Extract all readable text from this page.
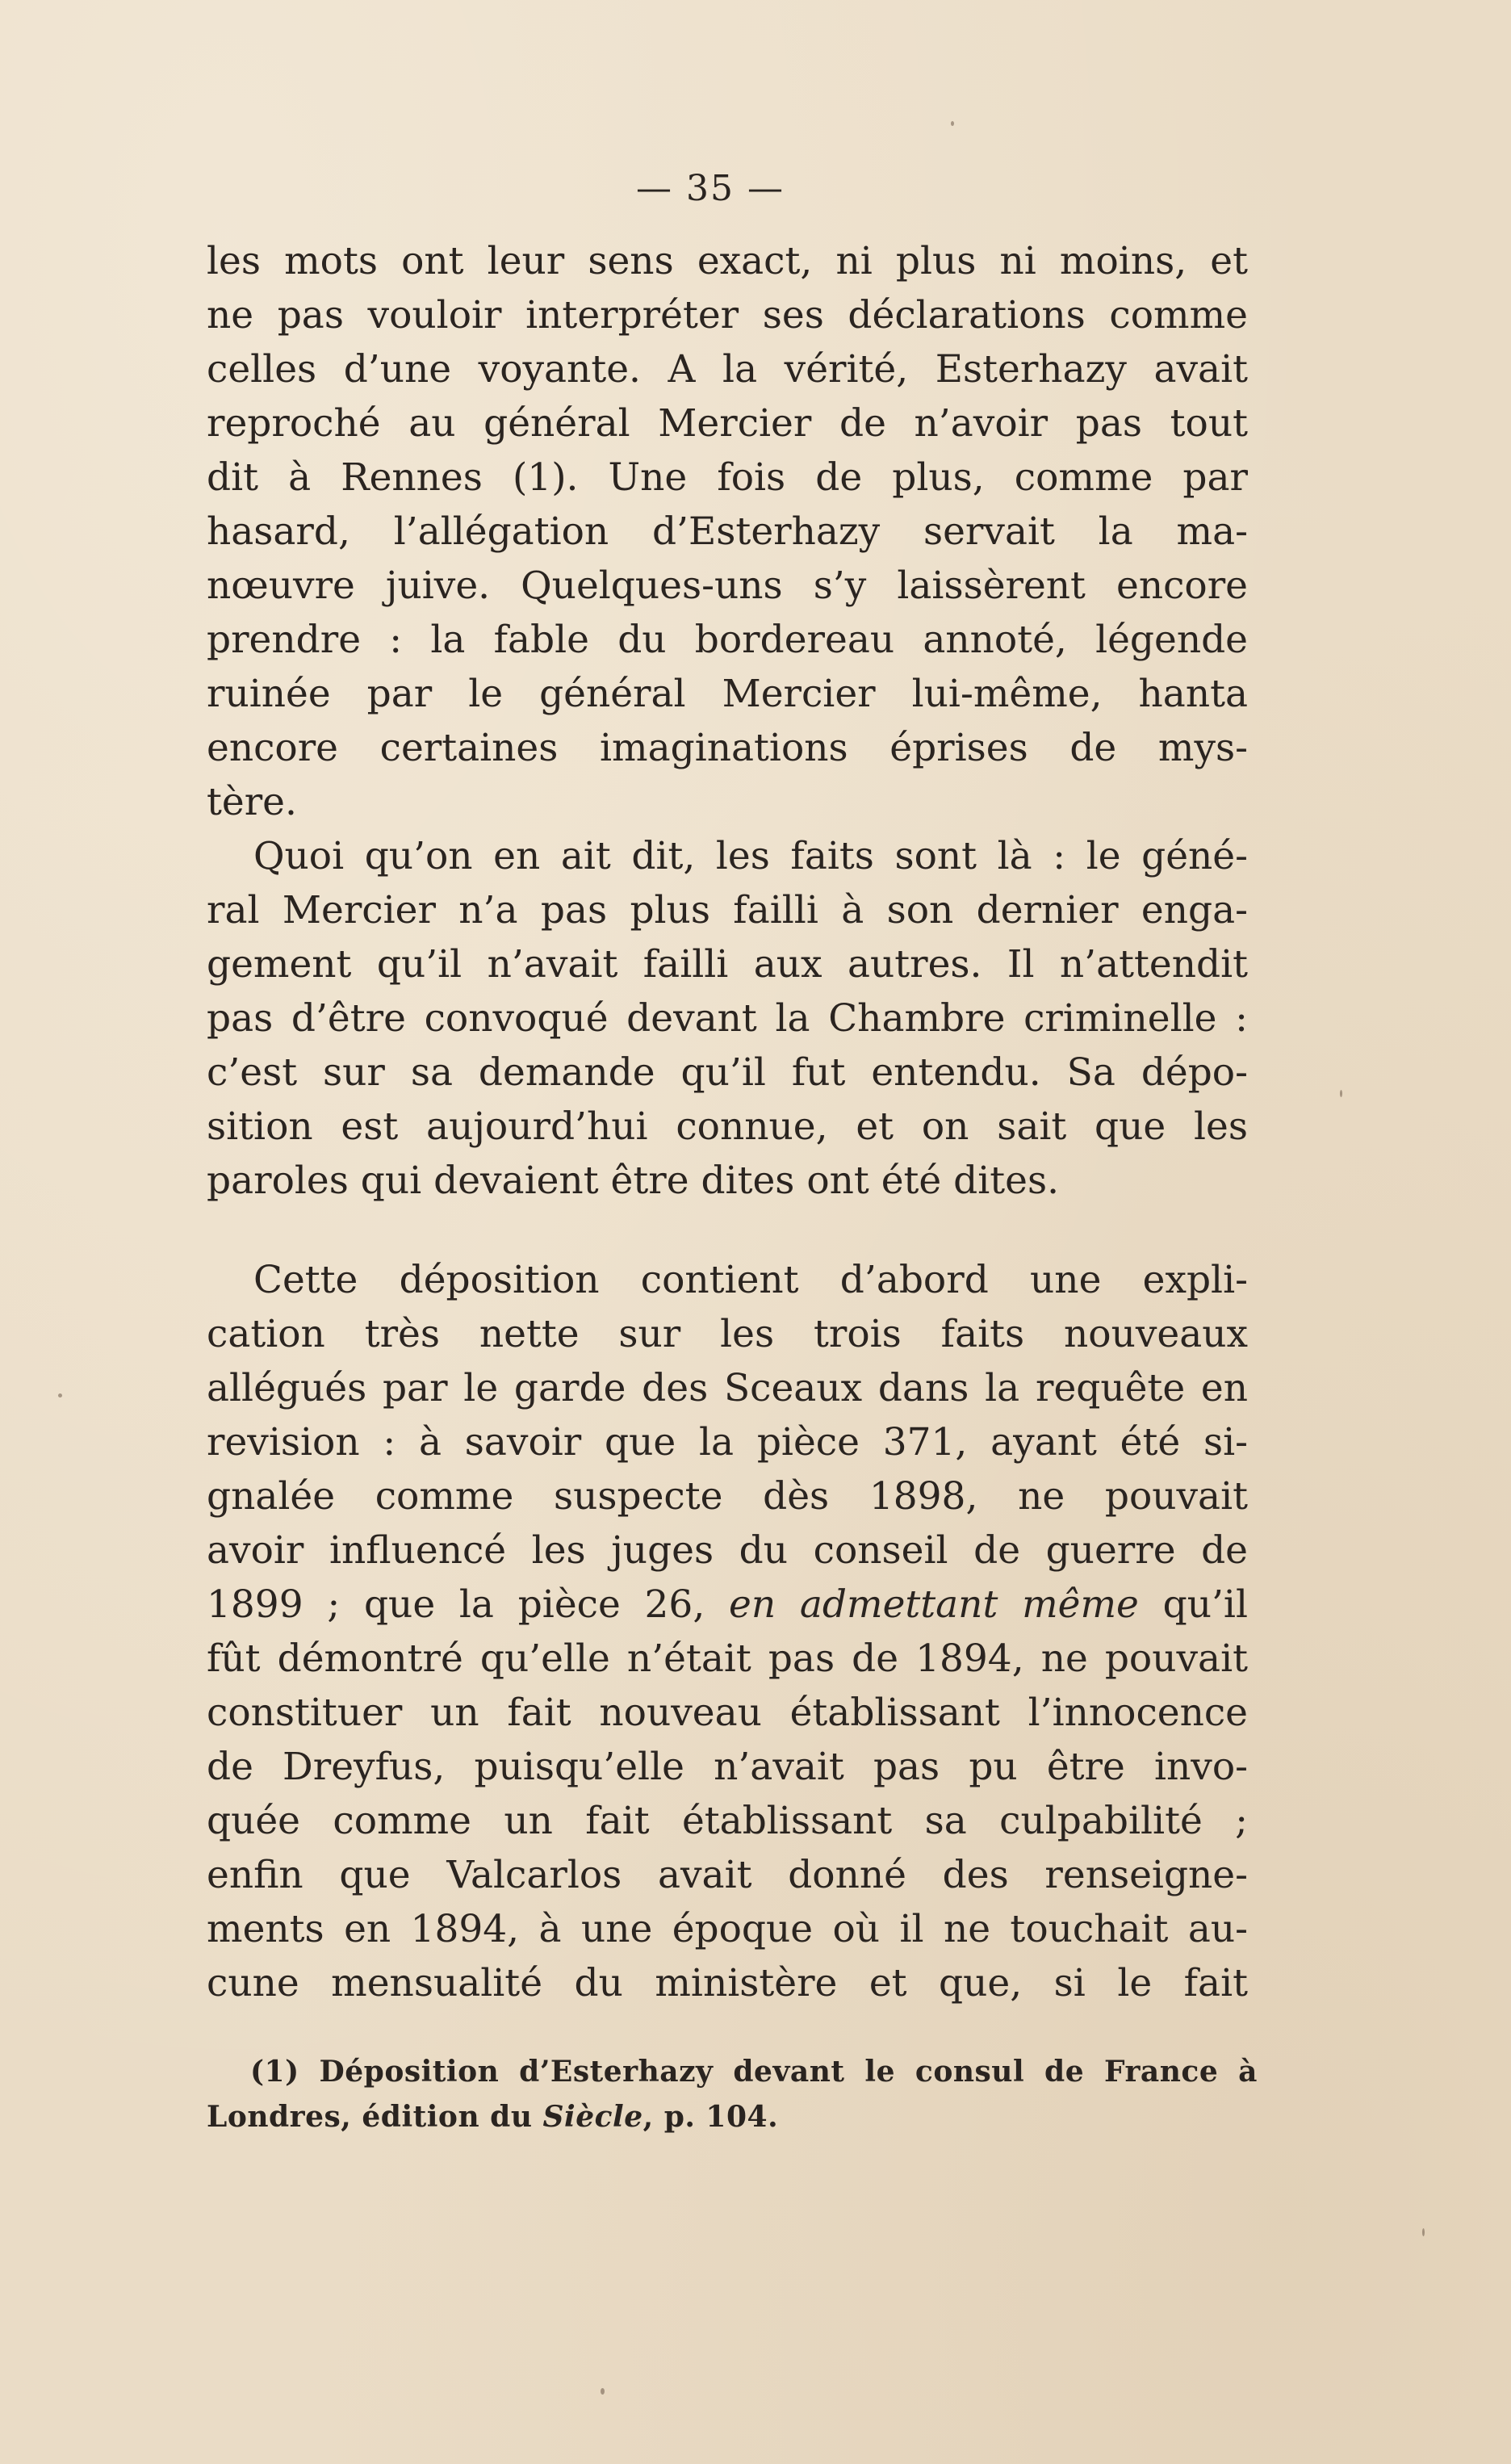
— 35 —
les mots ont leur sens exact, ni plus ni moins, et
ne pas vouloir interpréter ses déclarations comme
celles d’une voyante. A la vérité, Esterhazy avait
reproché au général Mercier de n’avoir pas tout
dit à Rennes (1). Une fois de plus, comme par
hasard, l’allégation d’Esterhazy servait la ma-
nœuvre juive. Quelques-uns s’y laissèrent encore
prendre : la fable du bordereau annoté, légende
ruinée par le général Mercier lui-même, hanta
encore certaines imaginations éprises de mys-
tère.
Quoi qu’on en ait dit, les faits sont là : le géné-
ral Mercier n’a pas plus failli à son dernier enga-
gement qu’il n’avait failli aux autres. Il n’attendit
pas d’être convoqué devant la Chambre criminelle :
c’est sur sa demande qu’il fut entendu. Sa dépo-
sition est aujourd’hui connue, et on sait que les
paroles qui devaient être dites ont été dites.
Cette déposition contient d’abord une expli-
cation très nette sur les trois faits nouveaux
allégués par le garde des Sceaux dans la requête en
revision : à savoir que la pièce 371, ayant été si-
gnalée comme suspecte dès 1898, ne pouvait
avoir influencé les juges du conseil de guerre de
1899 ; que la pièce 26, en admettant même qu’il
fût démontré qu’elle n’était pas de 1894, ne pouvait
constituer un fait nouveau établissant l’innocence
de Dreyfus, puisqu’elle n’avait pas pu être invo-
quée comme un fait établissant sa culpabilité ;
enfin que Valcarlos avait donné des renseigne-
ments en 1894, à une époque où il ne touchait au-
cune mensualité du ministère et que, si le fait
(1) Déposition d’Esterhazy devant le consul de France à
Londres, édition du Siècle, p. 104.
